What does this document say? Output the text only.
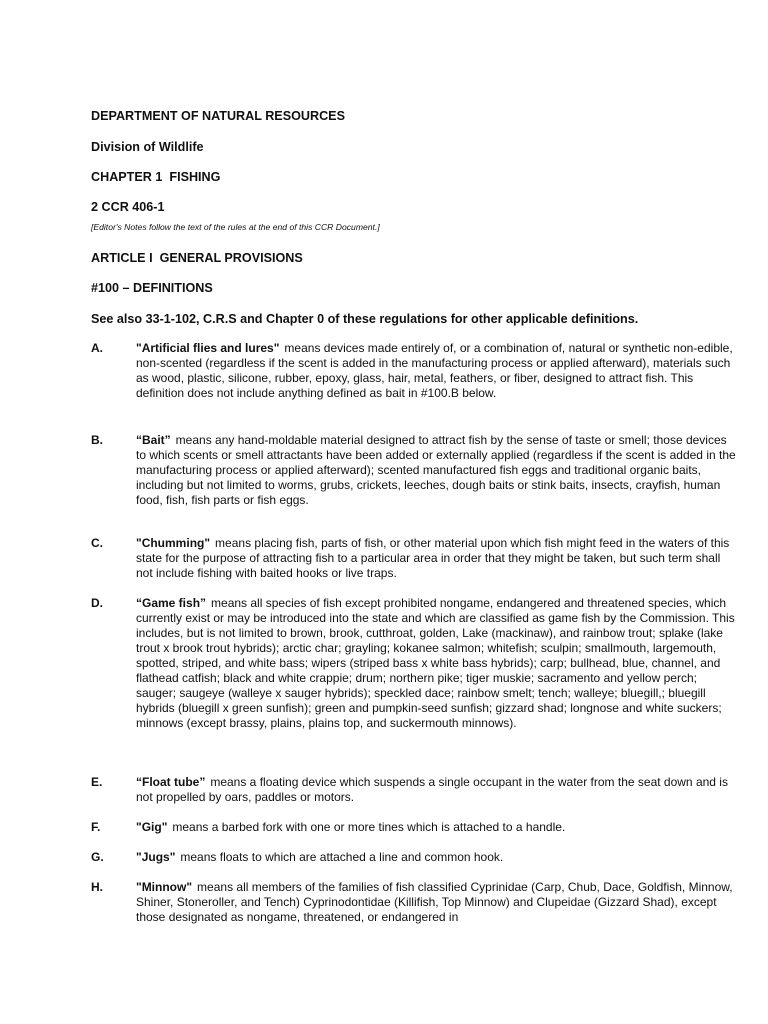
DEPARTMENT OF NATURAL RESOURCES

Division of Wildlife

CHAPTER 1  FISHING

2 CCR 406-1

[Editor's Notes follow the text of the rules at the end of this CCR Document.]

ARTICLE I  GENERAL PROVISIONS

#100 – DEFINITIONS

See also 33-1-102, C.R.S and Chapter 0 of these regulations for other applicable definitions.

A.	"Artificial flies and lures" means devices made entirely of, or a combination of, natural or synthetic non-edible, non-scented (regardless if the scent is added in the manufacturing process or applied afterward), materials such as wood, plastic, silicone, rubber, epoxy, glass, hair, metal, feathers, or fiber, designed to attract fish. This definition does not include anything defined as bait in #100.B below.

B.	“Bait” means any hand-moldable material designed to attract fish by the sense of taste or smell; those devices to which scents or smell attractants have been added or externally applied (regardless if the scent is added in the manufacturing process or applied afterward); scented manufactured fish eggs and traditional organic baits, including but not limited to worms, grubs, crickets, leeches, dough baits or stink baits, insects, crayfish, human food, fish, fish parts or fish eggs.

C.	"Chumming" means placing fish, parts of fish, or other material upon which fish might feed in the waters of this state for the purpose of attracting fish to a particular area in order that they might be taken, but such term shall not include fishing with baited hooks or live traps.

D.	“Game fish” means all species of fish except prohibited nongame, endangered and threatened species, which currently exist or may be introduced into the state and which are classified as game fish by the Commission. This includes, but is not limited to brown, brook, cutthroat, golden, Lake (mackinaw), and rainbow trout; splake (lake trout x brook trout hybrids); arctic char; grayling; kokanee salmon; whitefish; sculpin; smallmouth, largemouth, spotted, striped, and white bass; wipers (striped bass x white bass hybrids); carp; bullhead, blue, channel, and flathead catfish; black and white crappie; drum; northern pike; tiger muskie; sacramento and yellow perch; sauger; saugeye (walleye x sauger hybrids); speckled dace; rainbow smelt; tench; walleye; bluegill,; bluegill hybrids (bluegill x green sunfish); green and pumpkin-seed sunfish; gizzard shad; longnose and white suckers; minnows (except brassy, plains, plains top, and suckermouth minnows).

E.	“Float tube” means a floating device which suspends a single occupant in the water from the seat down and is not propelled by oars, paddles or motors.

F.	"Gig" means a barbed fork with one or more tines which is attached to a handle.

G.	"Jugs" means floats to which are attached a line and common hook.

H.	"Minnow" means all members of the families of fish classified Cyprinidae (Carp, Chub, Dace, Goldfish, Minnow, Shiner, Stoneroller, and Tench) Cyprinodontidae (Killifish, Top Minnow) and Clupeidae (Gizzard Shad), except those designated as nongame, threatened, or endangered in
